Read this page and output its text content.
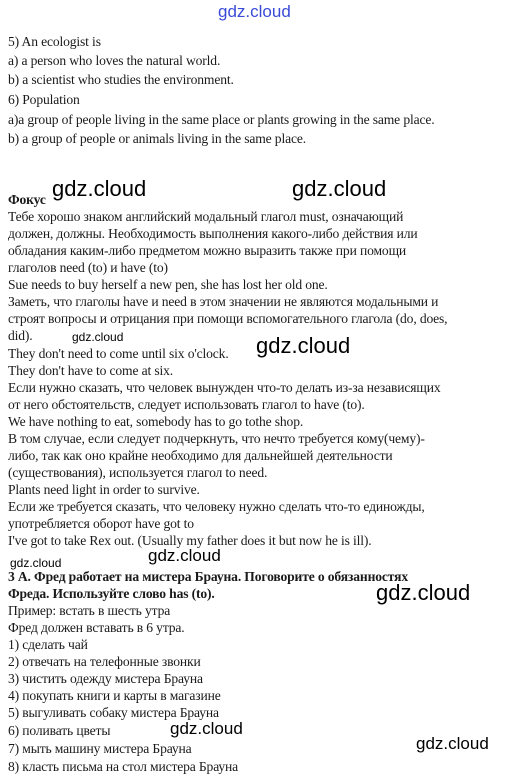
gdz.cloud
gdz.cloud	gdz.cloud
gdz.cloud	gdz.cloud
gdz.cloud	gdz.cloud
gdz.cloud
gdz.cloud
gdz.cloud
5) An ecologist is
a) a person who loves the natural world.
b) a scientist who studies the environment.
6) Population
a)a group of people living in the same place or plants growing in the same place.
b) a group of people or animals living in the same place.
Фокус
Тебе хорошо знаком английский модальный глагол must, означающий
должен, должны. Необходимость выполнения какого-либо действия или
обладания каким-либо предметом можно выразить также при помощи
глаголов need (to) и have (to)
Sue needs to buy herself a new pen, she has lost her old one.
Заметь, что глаголы have и need в этом значении не являются модальными и
строят вопросы и отрицания при помощи вспомогательного глагола (do, does,
did).
They don't need to come until six o'clock.
They don't have to come at six.
Если нужно сказать, что человек вынужден что-то делать из-за независящих
от него обстоятельств, следует использовать глагол to have (to).
We have nothing to eat, somebody has to go tothe shop.
В том случае, если следует подчеркнуть, что нечто требуется кому(чему)-
либо, так как оно крайне необходимо для дальнейшей деятельности
(существования), используется глагол to need.
Plants need light in order to survive.
Если же требуется сказать, что человеку нужно сделать что-то единожды,
употребляется оборот have got to
I've got to take Rex out. (Usually my father does it but now he is ill).
3 А. Фред работает на мистера Брауна. Поговорите о обязанностях
Фреда. Используйте слово has (to).
Пример: встать в шесть утра
Фред должен вставать в 6 утра.
1) сделать чай
2) отвечать на телефонные звонки
3) чистить одежду мистера Брауна
4) покупать книги и карты в магазине
5) выгуливать собаку мистера Брауна
6) поливать цветы
7) мыть машину мистера Брауна
8) класть письма на стол мистера Брауна
